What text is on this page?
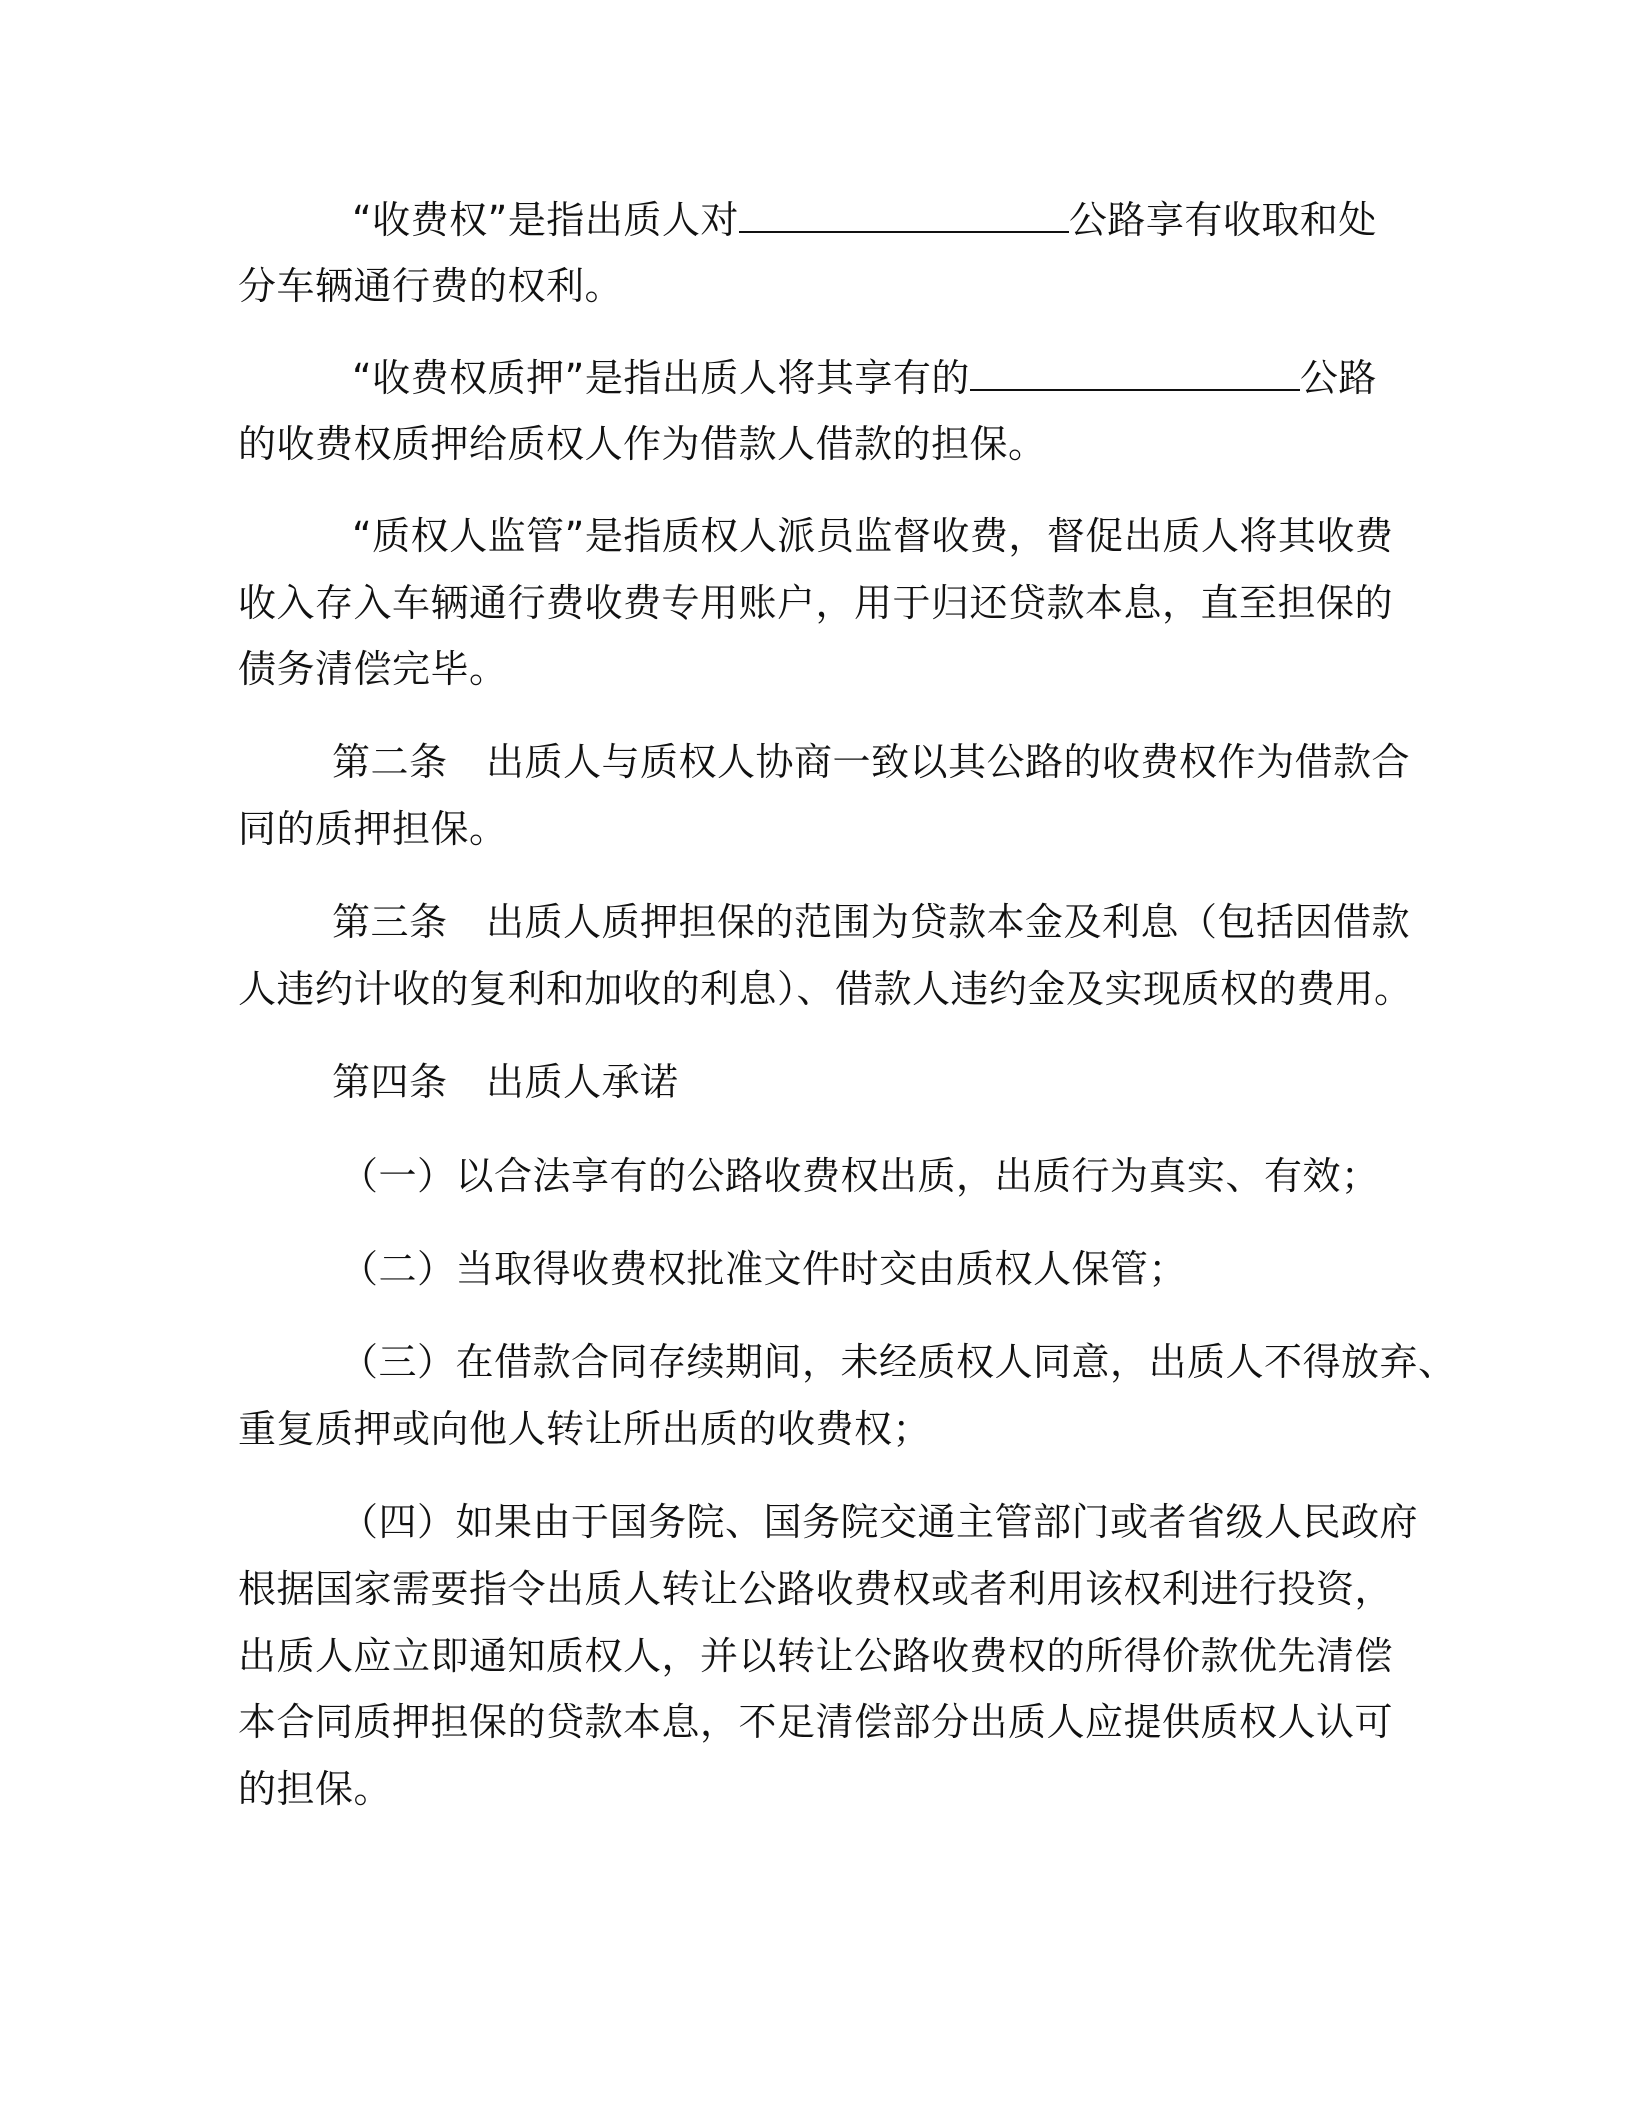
“收费权”是指出质人对	公路享有收取和处
分车辆通行费的权利。
“收费权质押”是指出质人将其享有的	公路
的收费权质押给质权人作为借款人借款的担保。
“质权人监管”是指质权人派员监督收费，督促出质人将其收费
收入存入车辆通行费收费专用账户，用于归还贷款本息，直至担保的
债务清偿完毕。
第二条　出质人与质权人协商一致以其公路的收费权作为借款合
同的质押担保。
第三条　出质人质押担保的范围为贷款本金及利息（包括因借款
人违约计收的复利和加收的利息）、借款人违约金及实现质权的费用。
第四条　出质人承诺
（一）以合法享有的公路收费权出质，出质行为真实、有效；
（二）当取得收费权批准文件时交由质权人保管；
（三）在借款合同存续期间，未经质权人同意，出质人不得放弃、
重复质押或向他人转让所出质的收费权；
（四）如果由于国务院、国务院交通主管部门或者省级人民政府
根据国家需要指令出质人转让公路收费权或者利用该权利进行投资，
出质人应立即通知质权人，并以转让公路收费权的所得价款优先清偿
本合同质押担保的贷款本息，不足清偿部分出质人应提供质权人认可
的担保。
